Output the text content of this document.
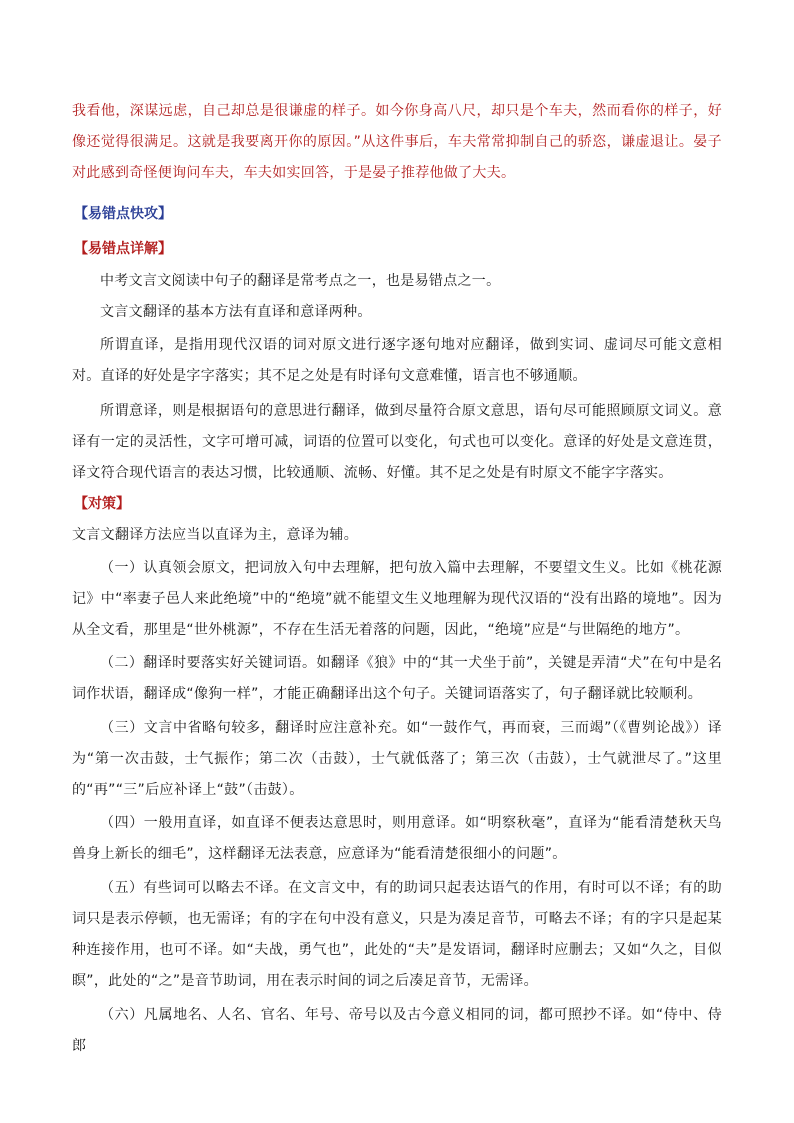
我看他，深谋远虑，自己却总是很谦虚的样子。如今你身高八尺，却只是个车夫，然而看你的样子，好像还觉得很满足。这就是我要离开你的原因。”从这件事后，车夫常常抑制自己的骄恣，谦虚退让。晏子对此感到奇怪便询问车夫，车夫如实回答，于是晏子推荐他做了大夫。

【易错点快攻】

【易错点详解】

中考文言文阅读中句子的翻译是常考点之一，也是易错点之一。

文言文翻译的基本方法有直译和意译两种。

所谓直译，是指用现代汉语的词对原文进行逐字逐句地对应翻译，做到实词、虚词尽可能文意相对。直译的好处是字字落实；其不足之处是有时译句文意难懂，语言也不够通顺。

所谓意译，则是根据语句的意思进行翻译，做到尽量符合原文意思，语句尽可能照顾原文词义。意译有一定的灵活性，文字可增可减，词语的位置可以变化，句式也可以变化。意译的好处是文意连贯，译文符合现代语言的表达习惯，比较通顺、流畅、好懂。其不足之处是有时原文不能字字落实。

【对策】

文言文翻译方法应当以直译为主，意译为辅。

（一）认真领会原文，把词放入句中去理解，把句放入篇中去理解，不要望文生义。比如《桃花源记》中“率妻子邑人来此绝境”中的“绝境”就不能望文生义地理解为现代汉语的“没有出路的境地”。因为从全文看，那里是“世外桃源”，不存在生活无着落的问题，因此，“绝境”应是“与世隔绝的地方”。

（二）翻译时要落实好关键词语。如翻译《狼》中的“其一犬坐于前”，关键是弄清“犬”在句中是名词作状语，翻译成“像狗一样”，才能正确翻译出这个句子。关键词语落实了，句子翻译就比较顺利。

（三）文言中省略句较多，翻译时应注意补充。如“一鼓作气，再而衰，三而竭”（《曹刿论战》）译为“第一次击鼓，士气振作；第二次（击鼓），士气就低落了；第三次（击鼓），士气就泄尽了。”这里的“再”“三”后应补译上“鼓”（击鼓）。

（四）一般用直译，如直译不便表达意思时，则用意译。如“明察秋毫”，直译为“能看清楚秋天鸟兽身上新长的细毛”，这样翻译无法表意，应意译为“能看清楚很细小的问题”。

（五）有些词可以略去不译。在文言文中，有的助词只起表达语气的作用，有时可以不译；有的助词只是表示停顿，也无需译；有的字在句中没有意义，只是为凑足音节，可略去不译；有的字只是起某种连接作用，也可不译。如“夫战，勇气也”，此处的“夫”是发语词，翻译时应删去；又如“久之，目似瞑”，此处的“之”是音节助词，用在表示时间的词之后凑足音节，无需译。

（六）凡属地名、人名、官名、年号、帝号以及古今意义相同的词，都可照抄不译。如“侍中、侍郎
